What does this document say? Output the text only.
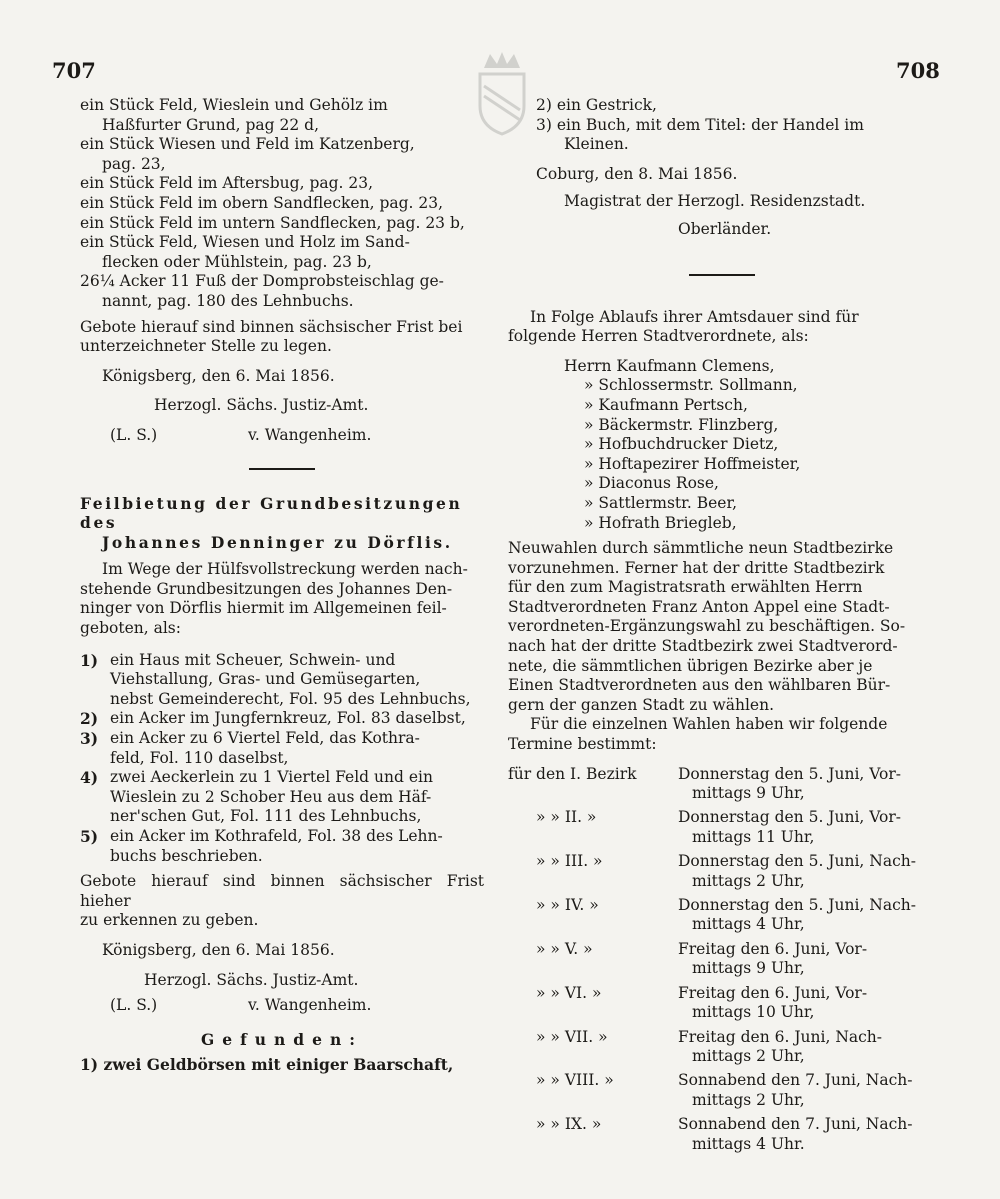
707	708

ein Stück Feld, Wieslein und Gehölz im

Haßfurter Grund, pag 22 d,

ein Stück Wiesen und Feld im Katzenberg,

pag. 23,

ein Stück Feld im Aftersbug, pag. 23,

ein Stück Feld im obern Sandflecken, pag. 23,

ein Stück Feld im untern Sandflecken, pag. 23 b,

ein Stück Feld, Wiesen und Holz im Sand-

flecken oder Mühlstein, pag. 23 b,

26¼ Acker 11 Fuß der Domprobsteischlag ge-

nannt, pag. 180 des Lehnbuchs.

Gebote hierauf sind binnen sächsischer Frist bei

unterzeichneter Stelle zu legen.

Königsberg, den 6. Mai 1856.

Herzogl. Sächs. Justiz-Amt.

(L. S.)	v. Wangenheim.

Feilbietung der Grundbesitzungen des

Johannes Denninger zu Dörflis.

Im Wege der Hülfsvollstreckung werden nach-

stehende Grundbesitzungen des Johannes Den-

ninger von Dörflis hiermit im Allgemeinen feil-

geboten, als:

1) ein Haus mit Scheuer, Schwein- und

Viehstallung, Gras- und Gemüsegarten,

nebst Gemeinderecht, Fol. 95 des Lehnbuchs,

2) ein Acker im Jungfernkreuz, Fol. 83 daselbst,

3) ein Acker zu 6 Viertel Feld, das Kothra-

feld, Fol. 110 daselbst,

4) zwei Aeckerlein zu 1 Viertel Feld und ein

Wieslein zu 2 Schober Heu aus dem Häf-

ner'schen Gut, Fol. 111 des Lehnbuchs,

5) ein Acker im Kothrafeld, Fol. 38 des Lehn-

buchs beschrieben.

Gebote hierauf sind binnen sächsischer Frist hieher

zu erkennen zu geben.

Königsberg, den 6. Mai 1856.

Herzogl. Sächs. Justiz-Amt.

(L. S.)	v. Wangenheim.

Gefunden:

1) zwei Geldbörsen mit einiger Baarschaft,

2) ein Gestrick,

3) ein Buch, mit dem Titel: der Handel im

Kleinen.

Coburg, den 8. Mai 1856.

Magistrat der Herzogl. Residenzstadt.

Oberländer.

In Folge Ablaufs ihrer Amtsdauer sind für

folgende Herren Stadtverordnete, als:

Herrn Kaufmann Clemens,

» Schlossermstr. Sollmann,

» Kaufmann Pertsch,

» Bäckermstr. Flinzberg,

» Hofbuchdrucker Dietz,

» Hoftapezirer Hoffmeister,

» Diaconus Rose,

» Sattlermstr. Beer,

» Hofrath Briegleb,

Neuwahlen durch sämmtliche neun Stadtbezirke

vorzunehmen. Ferner hat der dritte Stadtbezirk

für den zum Magistratsrath erwählten Herrn

Stadtverordneten Franz Anton Appel eine Stadt-

verordneten-Ergänzungswahl zu beschäftigen. So-

nach hat der dritte Stadtbezirk zwei Stadtverord-

nete, die sämmtlichen übrigen Bezirke aber je

Einen Stadtverordneten aus den wählbaren Bür-

gern der ganzen Stadt zu wählen.

Für die einzelnen Wahlen haben wir folgende

Termine bestimmt:

für den I. Bezirk	Donnerstag den 5. Juni, Vor-
mittags 9 Uhr,
» » II. »	Donnerstag den 5. Juni, Vor-
mittags 11 Uhr,
» » III. »	Donnerstag den 5. Juni, Nach-
mittags 2 Uhr,
» » IV. »	Donnerstag den 5. Juni, Nach-
mittags 4 Uhr,
» » V. »	Freitag den 6. Juni, Vor-
mittags 9 Uhr,
» » VI. »	Freitag den 6. Juni, Vor-
mittags 10 Uhr,
» » VII. »	Freitag den 6. Juni, Nach-
mittags 2 Uhr,
» » VIII. »	Sonnabend den 7. Juni, Nach-
mittags 2 Uhr,
» » IX. »	Sonnabend den 7. Juni, Nach-
mittags 4 Uhr.
